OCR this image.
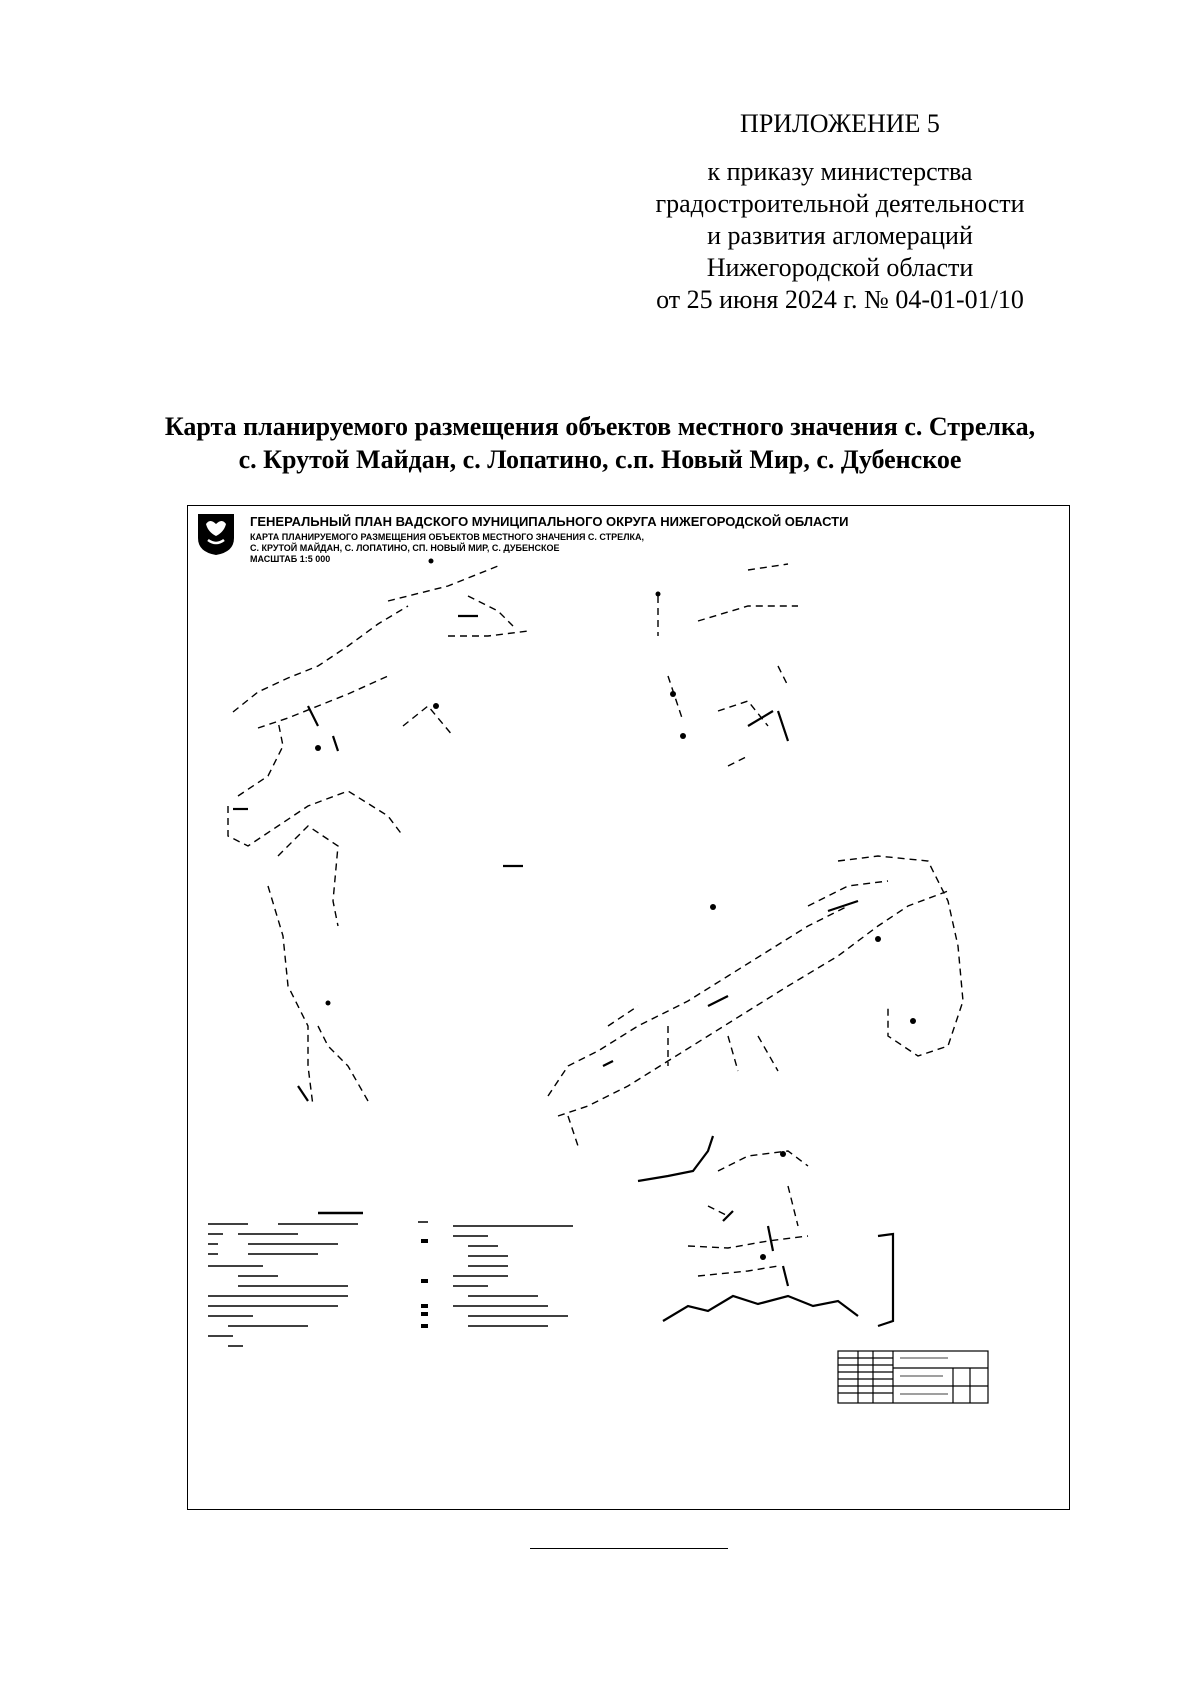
ПРИЛОЖЕНИЕ 5
к приказу министерства
градостроительной деятельности
и развития агломераций
Нижегородской области
от 25 июня 2024 г. № 04-01-01/10
Карта планируемого размещения объектов местного значения с. Стрелка,
с. Крутой Майдан, с. Лопатино, с.п. Новый Мир, с. Дубенское
ГЕНЕРАЛЬНЫЙ ПЛАН ВАДСКОГО МУНИЦИПАЛЬНОГО ОКРУГА НИЖЕГОРОДСКОЙ ОБЛАСТИ
КАРТА ПЛАНИРУЕМОГО РАЗМЕЩЕНИЯ ОБЪЕКТОВ МЕСТНОГО ЗНАЧЕНИЯ С. СТРЕЛКА,
С. КРУТОЙ МАЙДАН, С. ЛОПАТИНО, СП. НОВЫЙ МИР, С. ДУБЕНСКОЕ
МАСШТАБ 1:5 000
